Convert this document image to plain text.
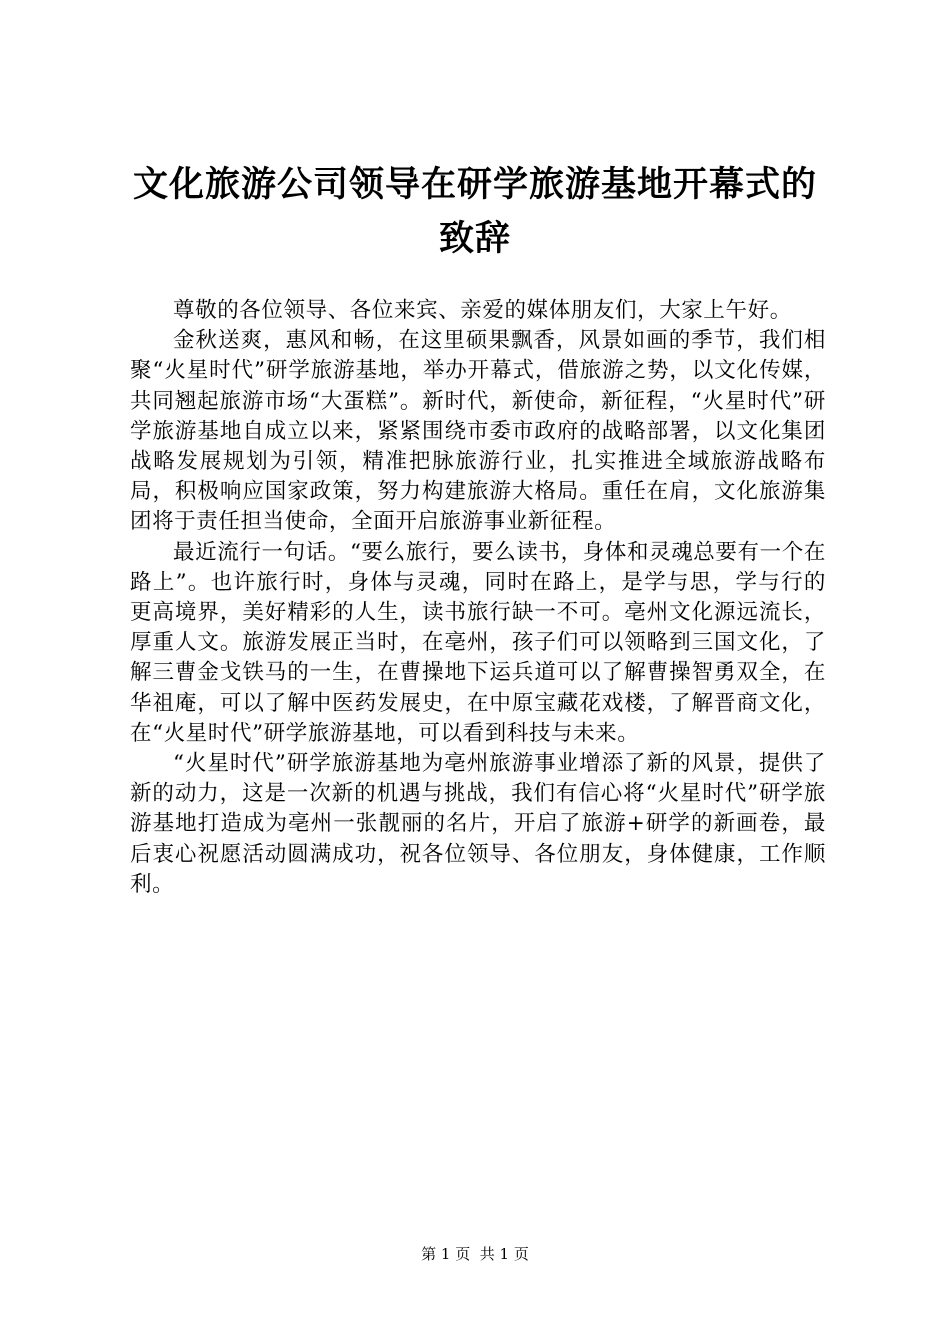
文化旅游公司领导在研学旅游基地开幕式的致辞

尊敬的各位领导、各位来宾、亲爱的媒体朋友们，大家上午好。

金秋送爽，惠风和畅，在这里硕果飘香，风景如画的季节，我们相聚“火星时代”研学旅游基地，举办开幕式，借旅游之势，以文化传媒，共同翘起旅游市场“大蛋糕”。新时代，新使命，新征程，“火星时代”研学旅游基地自成立以来，紧紧围绕市委市政府的战略部署，以文化集团战略发展规划为引领，精准把脉旅游行业，扎实推进全域旅游战略布局，积极响应国家政策，努力构建旅游大格局。重任在肩，文化旅游集团将于责任担当使命，全面开启旅游事业新征程。

最近流行一句话。“要么旅行，要么读书，身体和灵魂总要有一个在路上”。也许旅行时，身体与灵魂，同时在路上，是学与思，学与行的更高境界，美好精彩的人生，读书旅行缺一不可。亳州文化源远流长，厚重人文。旅游发展正当时，在亳州，孩子们可以领略到三国文化，了解三曹金戈铁马的一生，在曹操地下运兵道可以了解曹操智勇双全，在华祖庵，可以了解中医药发展史，在中原宝藏花戏楼，了解晋商文化，在“火星时代”研学旅游基地，可以看到科技与未来。

“火星时代”研学旅游基地为亳州旅游事业增添了新的风景，提供了新的动力，这是一次新的机遇与挑战，我们有信心将“火星时代”研学旅游基地打造成为亳州一张靓丽的名片，开启了旅游+研学的新画卷，最后衷心祝愿活动圆满成功，祝各位领导、各位朋友，身体健康，工作顺利。

第 1 页  共 1 页
